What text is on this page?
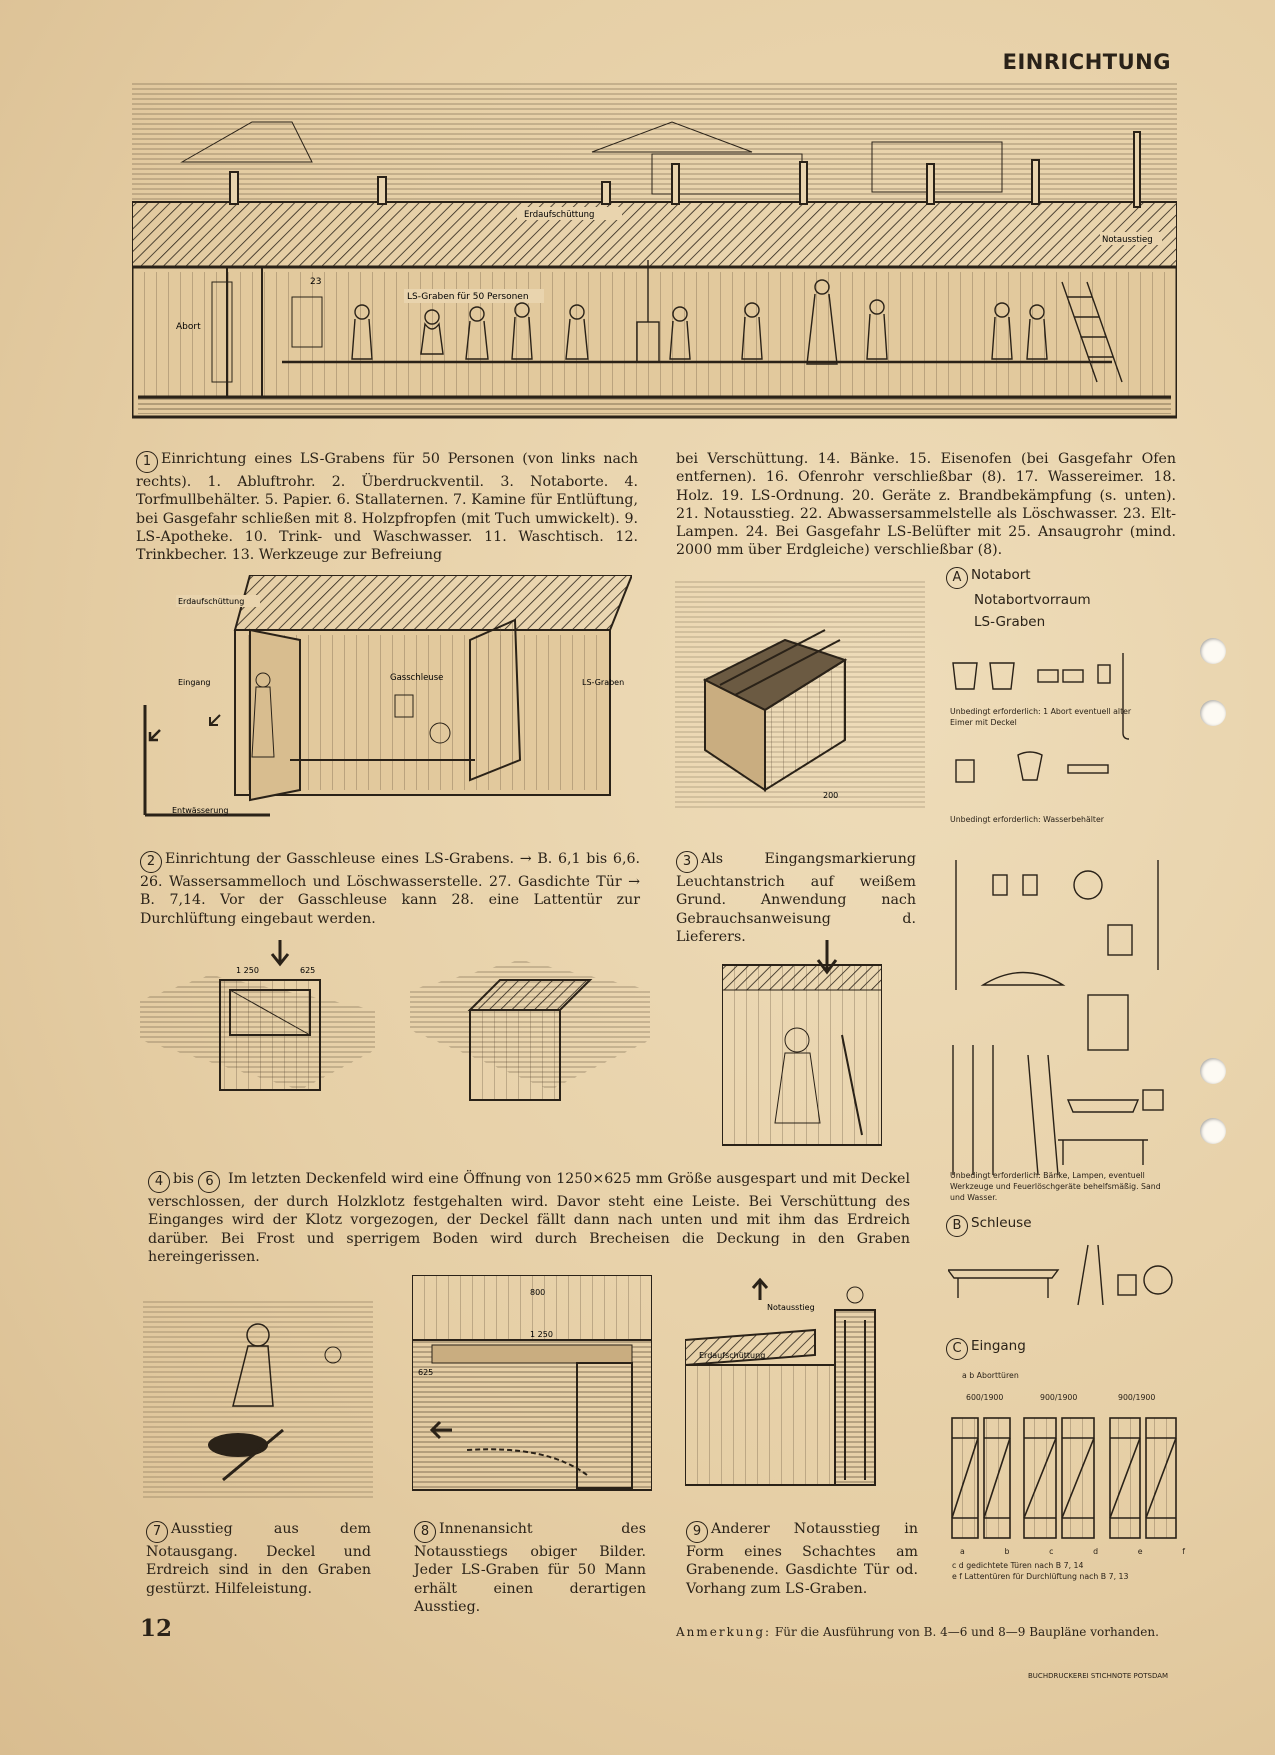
EINRICHTUNG
Erdaufschüttung
Notausstieg
23
Abort
LS-Graben für 50 Personen
1 Einrichtung eines LS-Grabens für 50 Personen (von links nach rechts). 1. Abluftrohr. 2. Überdruckventil. 3. Notaborte. 4. Torfmullbehälter. 5. Papier. 6. Stallaternen. 7. Kamine für Entlüftung, bei Gasgefahr schließen mit 8. Holzpfropfen (mit Tuch umwickelt). 9. LS-Apotheke. 10. Trink- und Waschwasser. 11. Waschtisch. 12. Trinkbecher. 13. Werkzeuge zur Befreiung
bei Verschüttung. 14. Bänke. 15. Eisenofen (bei Gasgefahr Ofen entfernen). 16. Ofenrohr verschließbar (8). 17. Wassereimer. 18. Holz. 19. LS-Ordnung. 20. Geräte z. Brandbekämpfung (s. unten). 21. Notausstieg. 22. Abwassersammelstelle als Löschwasser. 23. Elt-Lampen. 24. Bei Gasgefahr LS-Belüfter mit 25. Ansaugrohr (mind. 2000 mm über Erdgleiche) verschließbar (8).
Erdaufschüttung
Entwässerung
Eingang	Gasschleuse	LS-Graben
2 Einrichtung der Gasschleuse eines LS-Grabens. → B. 6,1 bis 6,6. 26. Wassersammelloch und Löschwasserstelle. 27. Gasdichte Tür → B. 7,14. Vor der Gasschleuse kann 28. eine Lattentür zur Durchlüftung eingebaut werden.
200
3 Als Eingangsmarkierung Leuchtanstrich auf weißem Grund. Anwendung nach Gebrauchsanweisung d. Lieferers.
1 250	625
4 bis 6 Im letzten Deckenfeld wird eine Öffnung von 1250×625 mm Größe ausgespart und mit Deckel verschlossen, der durch Holzklotz festgehalten wird. Davor steht eine Leiste. Bei Verschüttung des Einganges wird der Klotz vorgezogen, der Deckel fällt dann nach unten und mit ihm das Erdreich darüber. Bei Frost und sperrigem Boden wird durch Brecheisen die Deckung in den Graben hereingerissen.
7 Ausstieg aus dem Notausgang. Deckel und Erdreich sind in den Graben gestürzt. Hilfeleistung.
800
1 250
625
8 Innenansicht des Notausstiegs obiger Bilder. Jeder LS-Graben für 50 Mann erhält einen derartigen Ausstieg.
Notausstieg
Erdaufschüttung
9 Anderer Notausstieg in Form eines Schachtes am Grabenende. Gasdichte Tür od. Vorhang zum LS-Graben.
A Notabort
Notabortvorraum
LS-Graben
Unbedingt erforderlich: 1 Abort eventuell alter Eimer mit Deckel
Unbedingt erforderlich: Wasserbehälter
Unbedingt erforderlich: Bänke, Lampen, eventuell Werkzeuge und Feuerlöschgeräte behelfsmäßig. Sand und Wasser.
B Schleuse
C Eingang
a b Aborttüren
600/1900	900/1900	900/1900
a	b	c	d	e	f
c d gedichtete Türen nach B 7, 14
e f Lattentüren für Durchlüftung nach B 7, 13
12	Anmerkung: Für die Ausführung von B. 4—6 und 8—9 Baupläne vorhanden.
BUCHDRUCKEREI STICHNOTE POTSDAM
